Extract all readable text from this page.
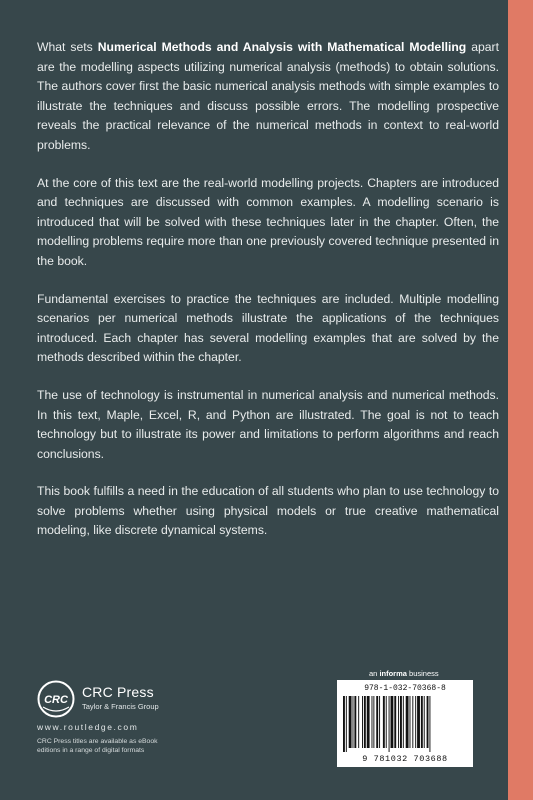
What sets Numerical Methods and Analysis with Mathematical Modelling apart are the modelling aspects utilizing numerical analysis (methods) to obtain solutions. The authors cover first the basic numerical analysis methods with simple examples to illustrate the techniques and discuss possible errors. The modelling prospective reveals the practical relevance of the numerical methods in context to real-world problems.

At the core of this text are the real-world modelling projects. Chapters are introduced and techniques are discussed with common examples. A modelling scenario is introduced that will be solved with these techniques later in the chapter. Often, the modelling problems require more than one previously covered technique presented in the book.

Fundamental exercises to practice the techniques are included. Multiple modelling scenarios per numerical methods illustrate the applications of the techniques introduced. Each chapter has several modelling examples that are solved by the methods described within the chapter.

The use of technology is instrumental in numerical analysis and numerical methods. In this text, Maple, Excel, R, and Python are illustrated. The goal is not to teach technology but to illustrate its power and limitations to perform algorithms and reach conclusions.

This book fulfills a need in the education of all students who plan to use technology to solve problems whether using physical models or true creative mathematical modeling, like discrete dynamical systems.

CRC CRC Press
Taylor & Francis Group
www.routledge.com
CRC Press titles are available as eBook editions in a range of digital formats
an informa business
978-1-032-70368-8
9 781032 703688
